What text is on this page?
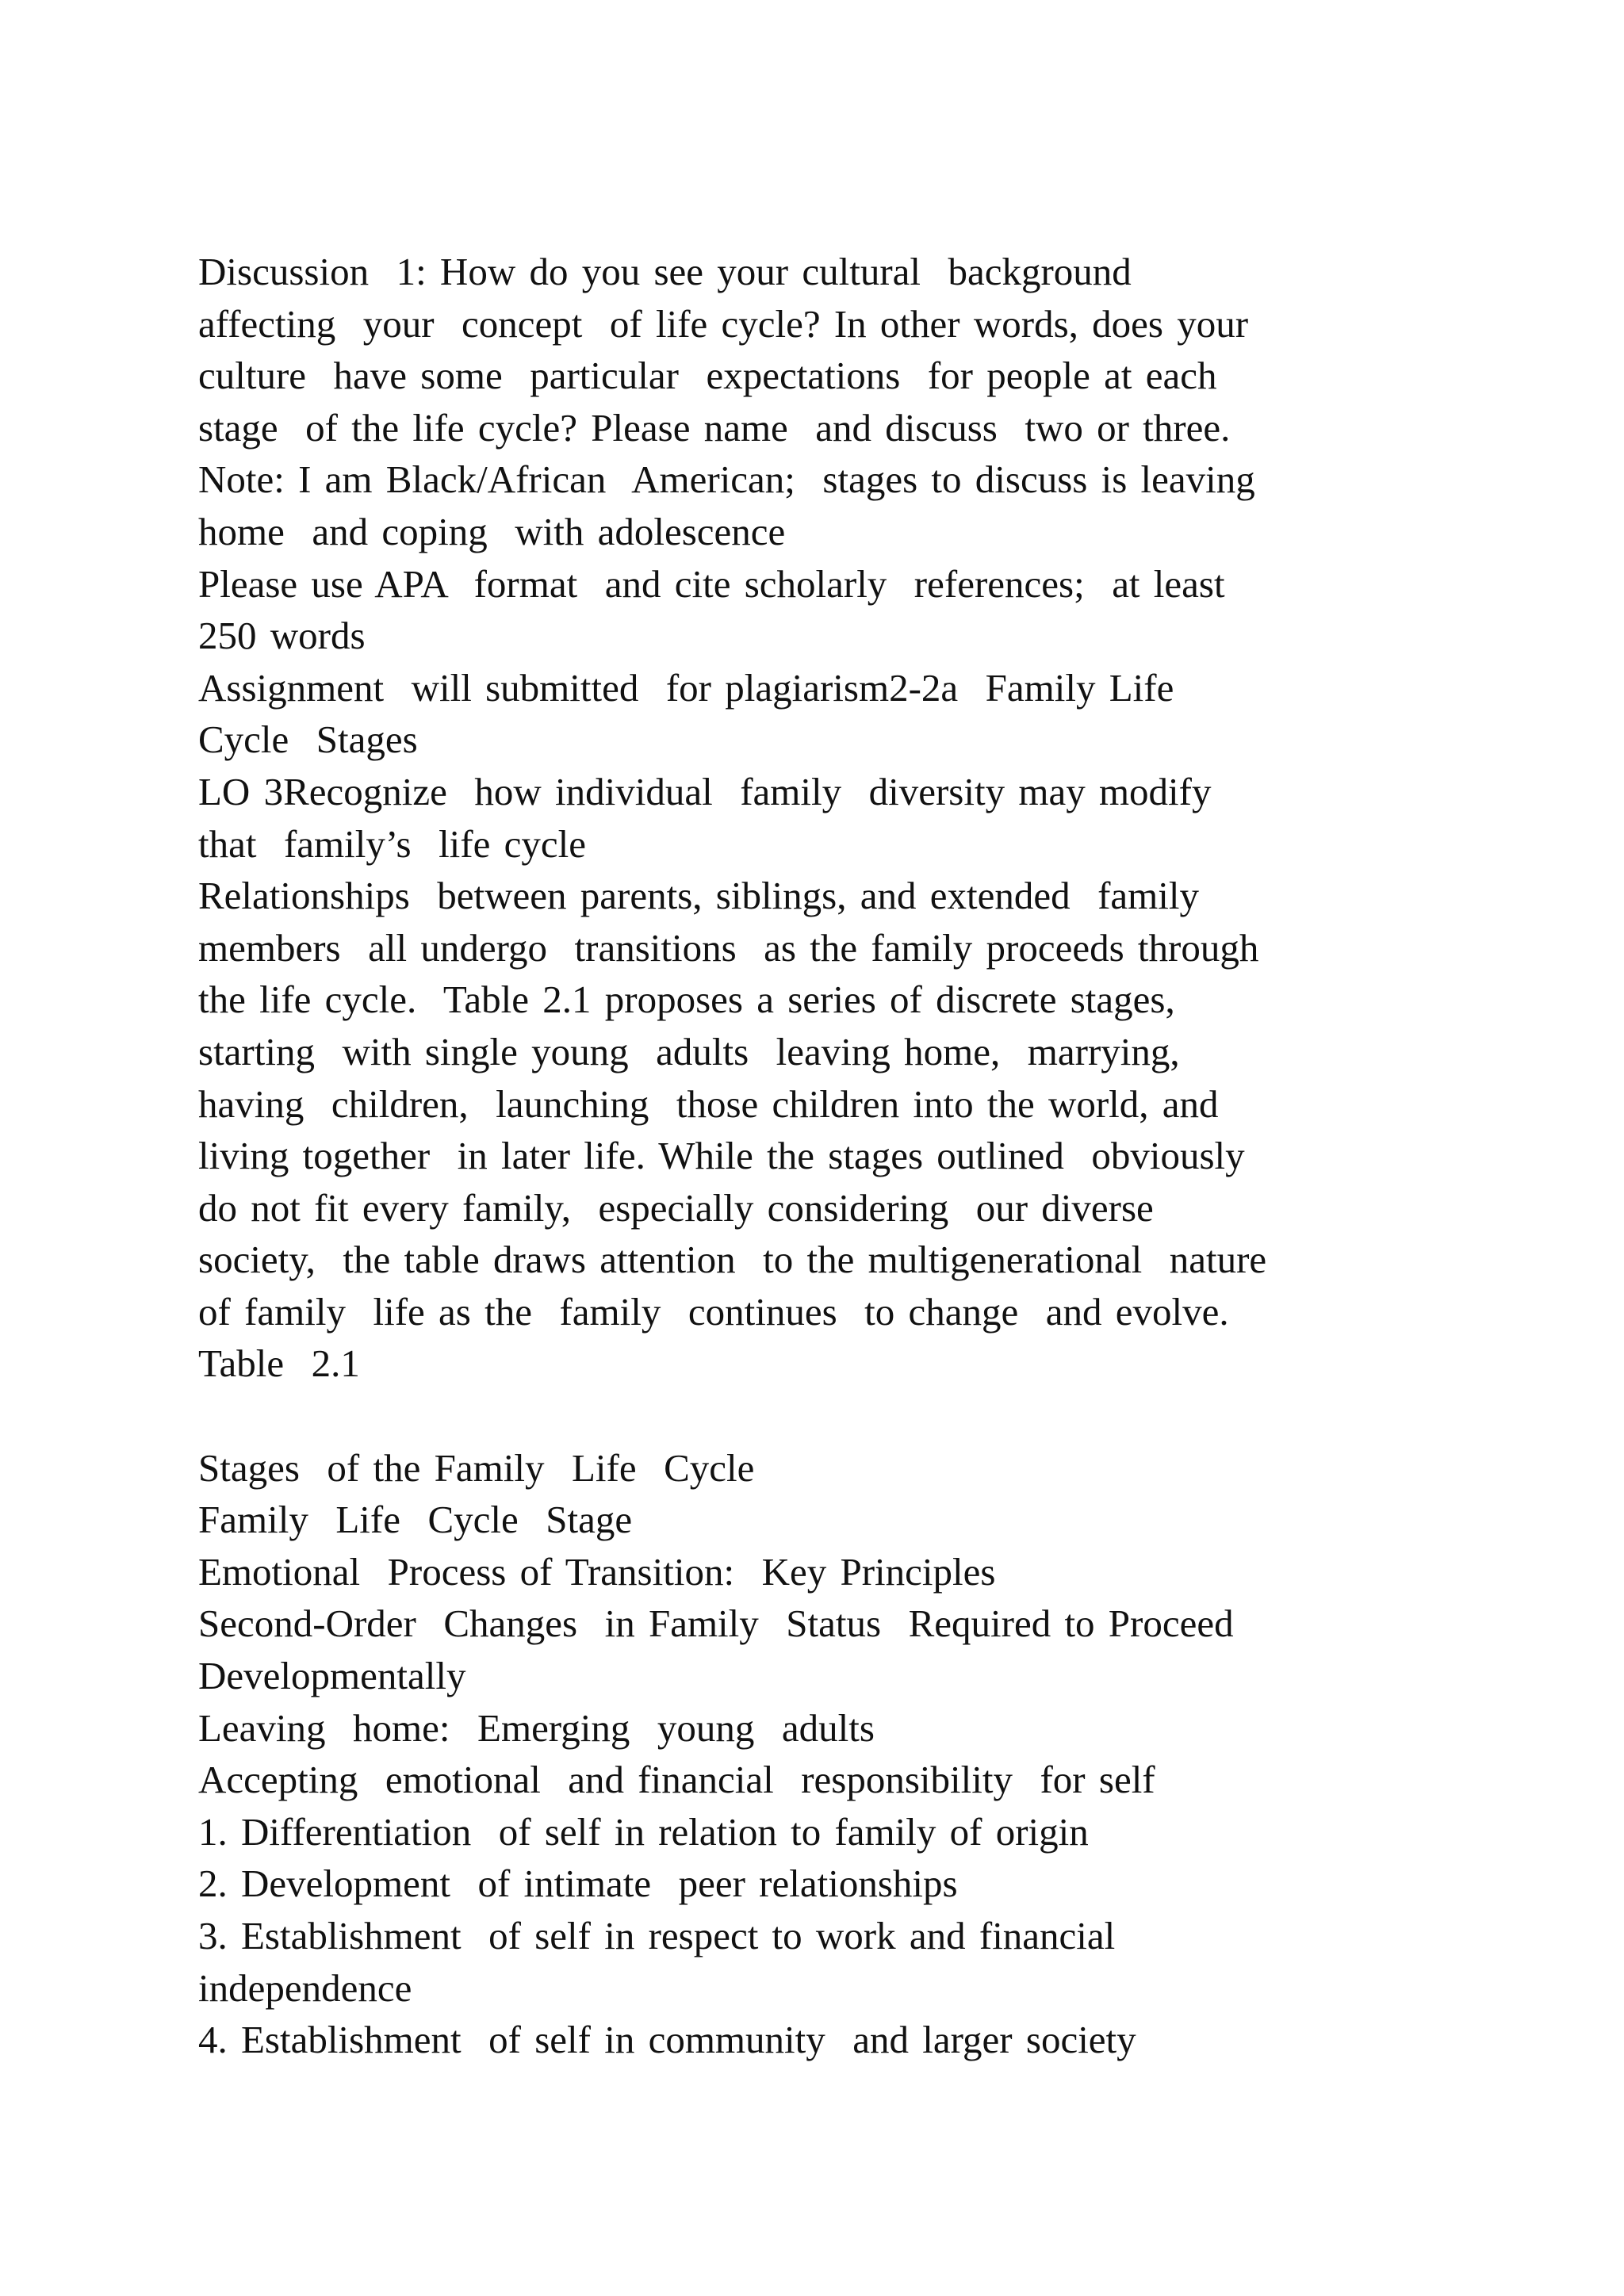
Discussion  1: How do you see your cultural  background
affecting  your  concept  of life cycle? In other words, does your
culture  have some  particular  expectations  for people at each
stage  of the life cycle? Please name  and discuss  two or three.
Note: I am Black/African  American;  stages to discuss is leaving
home  and coping  with adolescence
Please use APA  format  and cite scholarly  references;  at least
250 words
Assignment  will submitted  for plagiarism2-2a  Family Life
Cycle  Stages
LO 3Recognize  how individual  family  diversity may modify
that  family’s  life cycle
Relationships  between parents, siblings, and extended  family
members  all undergo  transitions  as the family proceeds through
the life cycle.  Table 2.1 proposes a series of discrete stages,
starting  with single young  adults  leaving home,  marrying,
having  children,  launching  those children into the world, and
living together  in later life. While the stages outlined  obviously
do not fit every family,  especially considering  our diverse
society,  the table draws attention  to the multigenerational  nature
of family  life as the  family  continues  to change  and evolve.
Table  2.1
Stages  of the Family  Life  Cycle
Family  Life  Cycle  Stage
Emotional  Process of Transition:  Key Principles
Second-Order  Changes  in Family  Status  Required to Proceed
Developmentally
Leaving  home:  Emerging  young  adults
Accepting  emotional  and financial  responsibility  for self
1. Differentiation  of self in relation to family of origin
2. Development  of intimate  peer relationships
3. Establishment  of self in respect to work and financial
independence
4. Establishment  of self in community  and larger society
